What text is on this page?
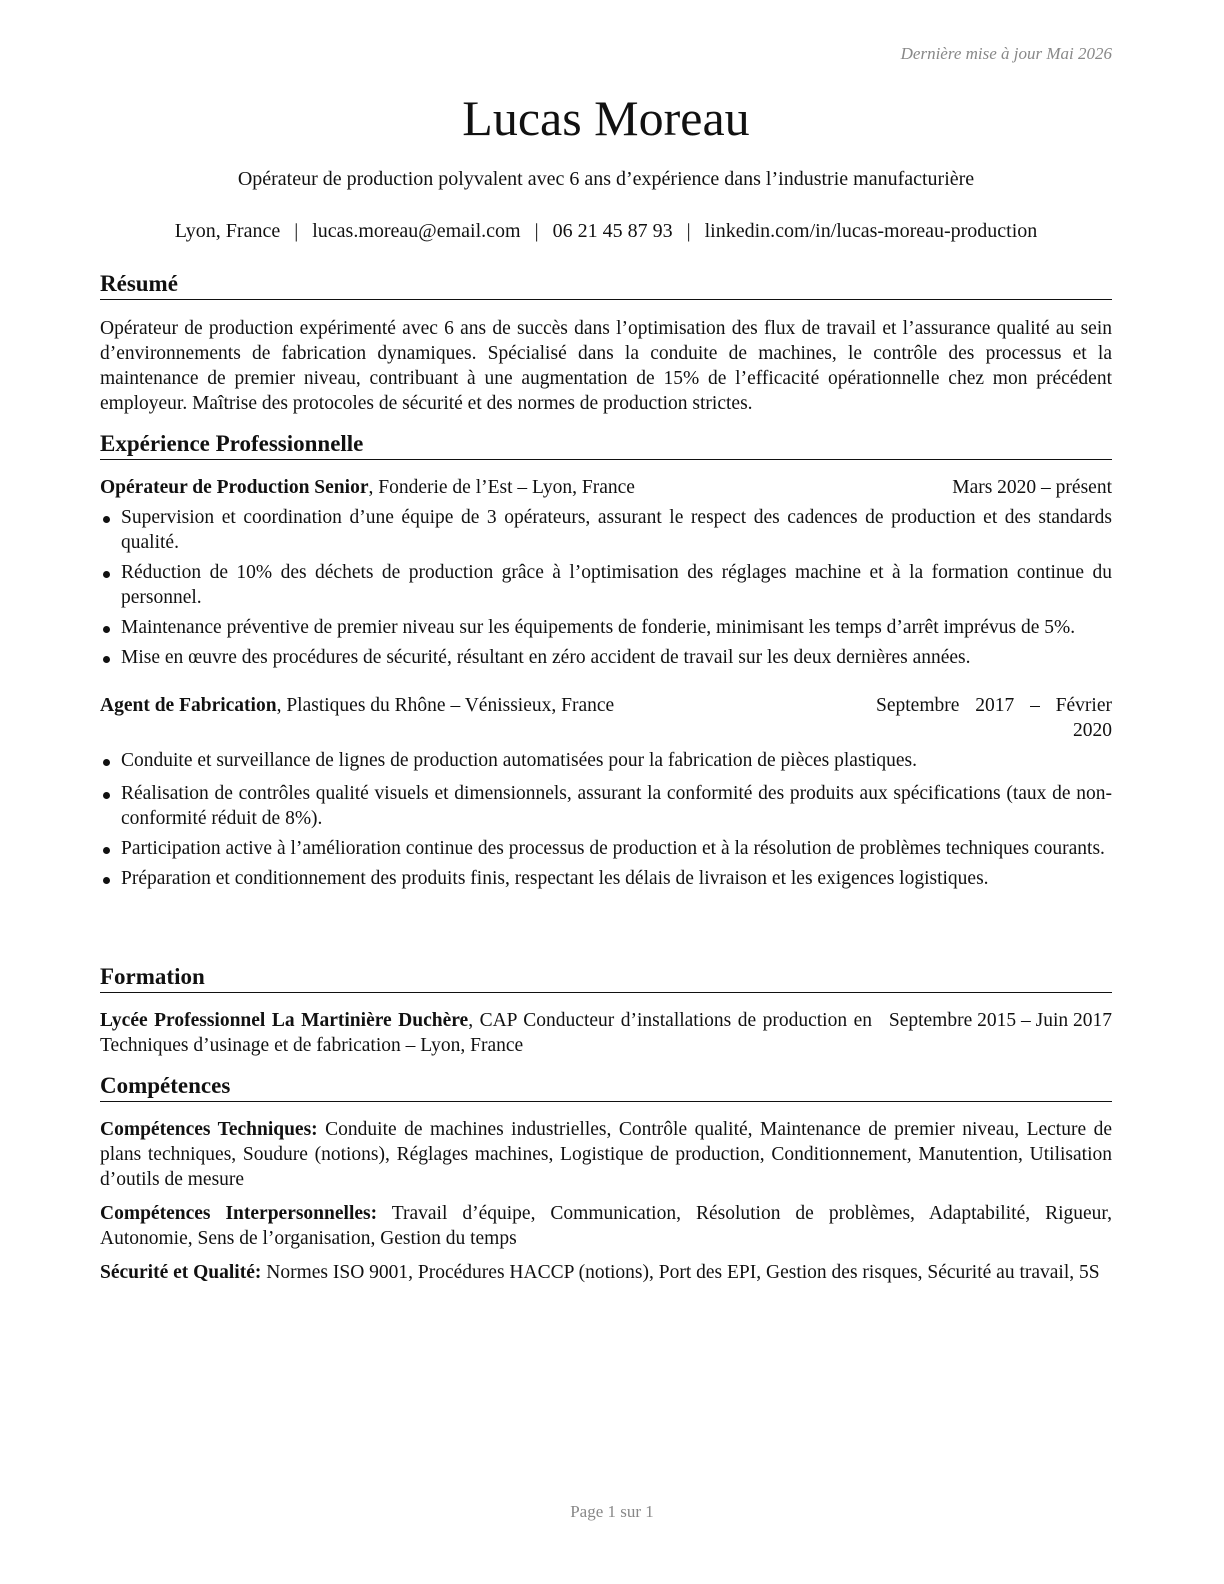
Dernière mise à jour Mai 2026
Lucas Moreau
Opérateur de production polyvalent avec 6 ans d’expérience dans l’industrie manufacturière
Lyon, France | lucas.moreau@email.com | 06 21 45 87 93 | linkedin.com/in/lucas-moreau-production
Résumé

Opérateur de production expérimenté avec 6 ans de succès dans l’optimisation des flux de travail et l’assurance qualité au sein d’environnements de fabrication dynamiques. Spécialisé dans la conduite de machines, le contrôle des processus et la maintenance de premier niveau, contribuant à une augmentation de 15% de l’efficacité opérationnelle chez mon précédent employeur. Maîtrise des protocoles de sécurité et des normes de production strictes.

Expérience Professionnelle
Opérateur de Production Senior, Fonderie de l’Est – Lyon, France	Mars 2020 – présent
Supervision et coordination d’une équipe de 3 opérateurs, assurant le respect des cadences de production et des standards qualité.
Réduction de 10% des déchets de production grâce à l’optimisation des réglages machine et à la formation continue du personnel.
Maintenance préventive de premier niveau sur les équipements de fonderie, minimisant les temps d’arrêt imprévus de 5%.
Mise en œuvre des procédures de sécurité, résultant en zéro accident de travail sur les deux dernières années.
Agent de Fabrication, Plastiques du Rhône – Vénissieux, France	Septembre 2017 – Février 2020
Conduite et surveillance de lignes de production automatisées pour la fabrication de pièces plastiques.
Réalisation de contrôles qualité visuels et dimensionnels, assurant la conformité des produits aux spécifications (taux de non-conformité réduit de 8%).
Participation active à l’amélioration continue des processus de production et à la résolution de problèmes techniques courants.
Préparation et conditionnement des produits finis, respectant les délais de livraison et les exigences logistiques.
Formation
Lycée Professionnel La Martinière Duchère, CAP Conducteur d’installations de production en Techniques d’usinage et de fabrication – Lyon, France
Septembre 2015 – Juin 2017
Compétences

Compétences Techniques: Conduite de machines industrielles, Contrôle qualité, Maintenance de premier niveau, Lecture de plans techniques, Soudure (notions), Réglages machines, Logistique de production, Conditionnement, Manutention, Utilisation d’outils de mesure

Compétences Interpersonnelles: Travail d’équipe, Communication, Résolution de problèmes, Adaptabilité, Rigueur, Autonomie, Sens de l’organisation, Gestion du temps

Sécurité et Qualité: Normes ISO 9001, Procédures HACCP (notions), Port des EPI, Gestion des risques, Sécurité au travail, 5S

Page 1 sur 1
